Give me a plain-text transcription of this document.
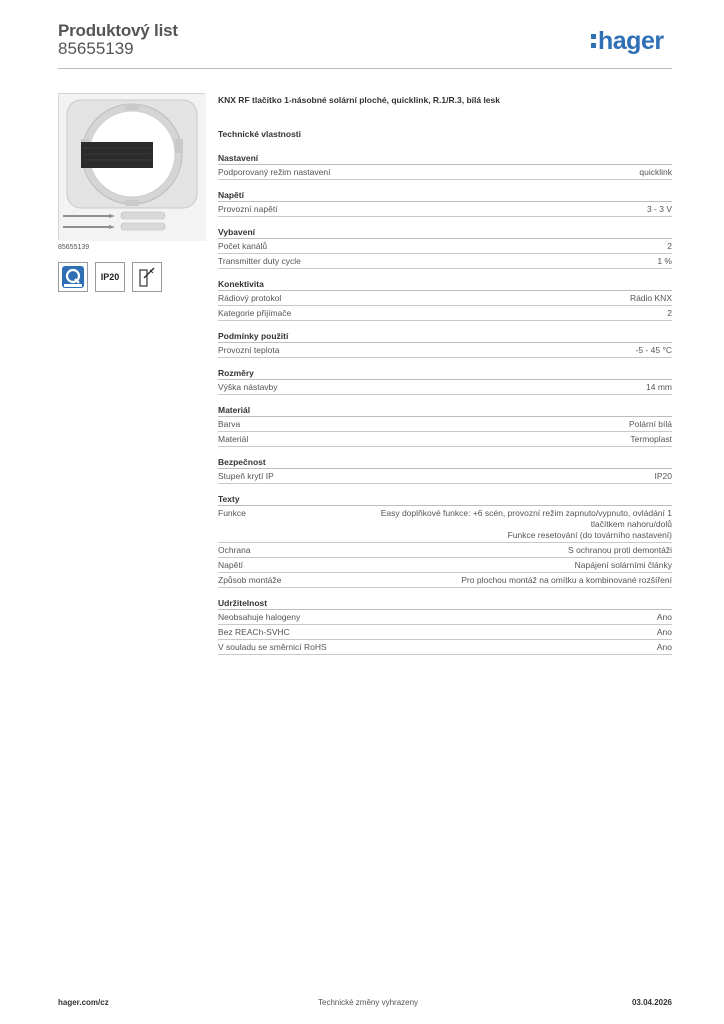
Produktový list
85655139	hager
85655139
IP20
KNX RF tlačítko 1-násobné solární ploché, quicklink, R.1/R.3, bílá lesk
Technické vlastnosti
Nastavení
Podporovaný režim nastavení	quicklink
Napětí
Provozní napětí	3 - 3 V
Vybavení
Počet kanálů	2
Transmitter duty cycle	1 %
Konektivita
Rádiový protokol	Rádio KNX
Kategorie přijímače	2
Podmínky použití
Provozní teplota	-5 - 45 °C
Rozměry
Výška nástavby	14 mm
Materiál
Barva	Polární bílá
Materiál	Termoplast
Bezpečnost
Stupeň krytí IP	IP20
Texty
Funkce	Easy doplňkové funkce: +6 scén, provozní režim zapnuto/vypnuto, ovládání 1
tlačítkem nahoru/dolů
Funkce resetování (do továrního nastavení)
Ochrana	S ochranou proti demontáži
Napětí	Napájení solárními články
Způsob montáže	Pro plochou montáž na omítku a kombinované rozšíření
Udržitelnost
Neobsahuje halogeny	Ano
Bez REACh-SVHC	Ano
V souladu se směrnicí RoHS	Ano
hager.com/cz	Technické změny vyhrazeny	03.04.2026
